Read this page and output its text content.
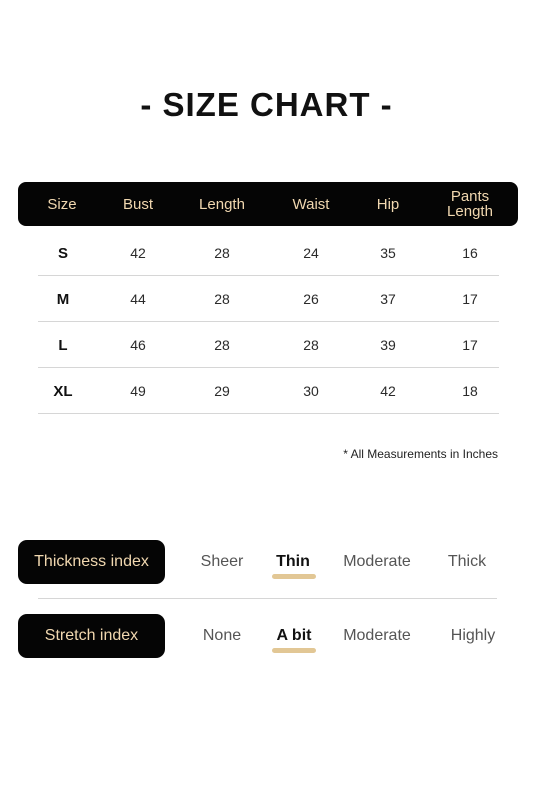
- SIZE CHART -
Size	Bust	Length	Waist	Hip	Pants
Length
S	42	28	24	35	16
M	44	28	26	37	17
L	46	28	28	39	17
XL	49	29	30	42	18
* All Measurements in Inches
Thickness index	Sheer	Thin	Moderate	Thick
Stretch index	None	A bit	Moderate	Highly
